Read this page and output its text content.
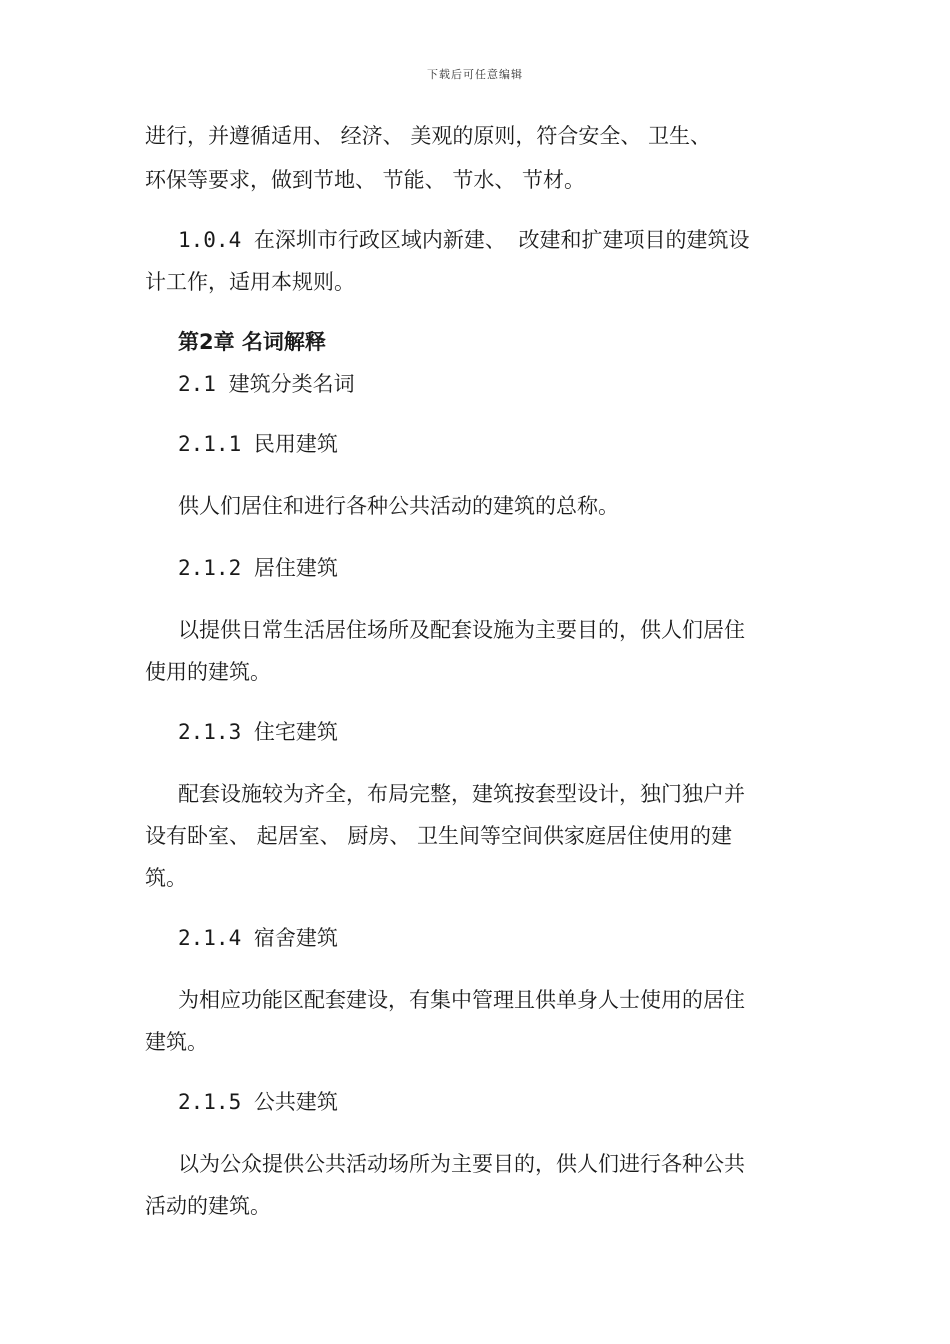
下载后可任意编辑
进行，并遵循适用、 经济、 美观的原则，符合安全、 卫生、
环保等要求，做到节地、 节能、 节水、 节材。
1.0.4 在深圳市行政区域内新建、 改建和扩建项目的建筑设
计工作，适用本规则。
第2章 名词解释
2.1 建筑分类名词
2.1.1 民用建筑
供人们居住和进行各种公共活动的建筑的总称。
2.1.2 居住建筑
以提供日常生活居住场所及配套设施为主要目的，供人们居住
使用的建筑。
2.1.3 住宅建筑
配套设施较为齐全，布局完整，建筑按套型设计，独门独户并
设有卧室、 起居室、 厨房、 卫生间等空间供家庭居住使用的建
筑。
2.1.4 宿舍建筑
为相应功能区配套建设，有集中管理且供单身人士使用的居住
建筑。
2.1.5 公共建筑
以为公众提供公共活动场所为主要目的，供人们进行各种公共
活动的建筑。
